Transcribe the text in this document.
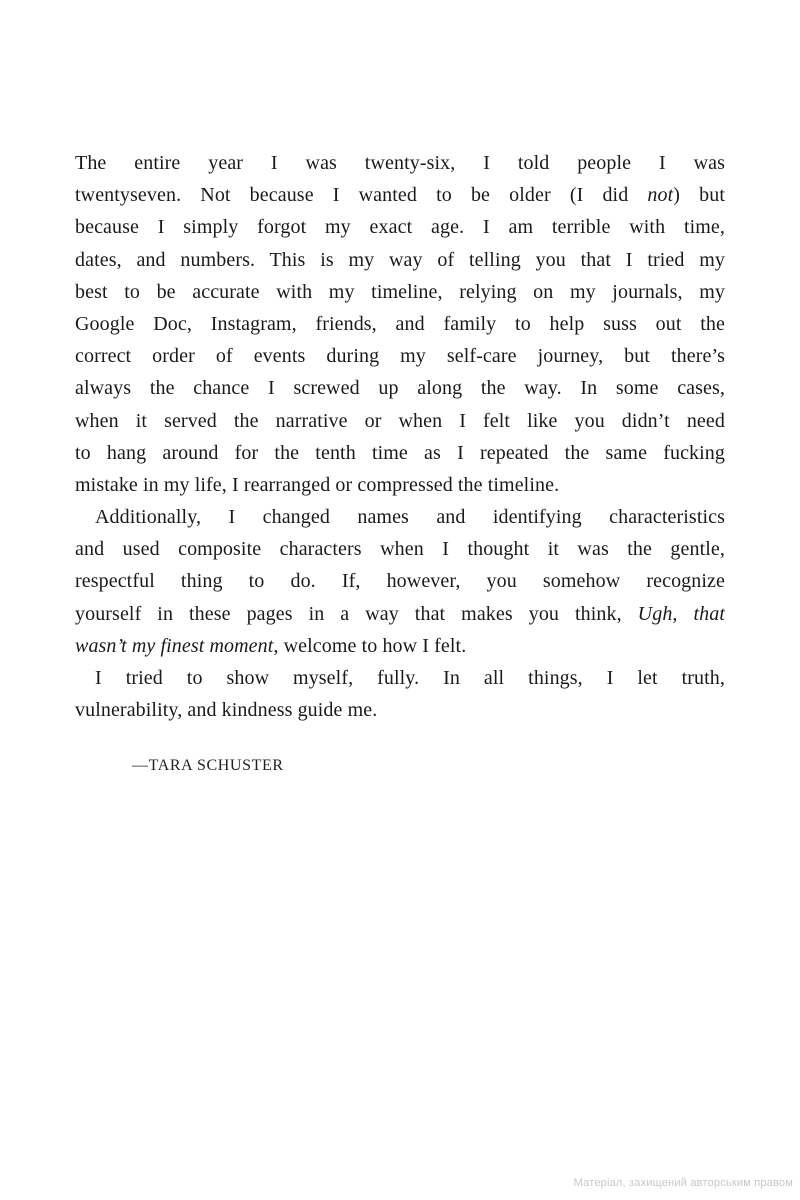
The entire year I was twenty-six, I told people I was
twentyseven. Not because I wanted to be older (I did not) but
because I simply forgot my exact age. I am terrible with time,
dates, and numbers. This is my way of telling you that I tried my
best to be accurate with my timeline, relying on my journals, my
Google Doc, Instagram, friends, and family to help suss out the
correct order of events during my self-care journey, but there’s
always the chance I screwed up along the way. In some cases,
when it served the narrative or when I felt like you didn’t need
to hang around for the tenth time as I repeated the same fucking
mistake in my life, I rearranged or compressed the timeline.
Additionally, I changed names and identifying characteristics
and used composite characters when I thought it was the gentle,
respectful thing to do. If, however, you somehow recognize
yourself in these pages in a way that makes you think, Ugh, that
wasn’t my finest moment, welcome to how I felt.
I tried to show myself, fully. In all things, I let truth,
vulnerability, and kindness guide me.
—TARA SCHUSTER
Матеріал, захищений авторським правом
